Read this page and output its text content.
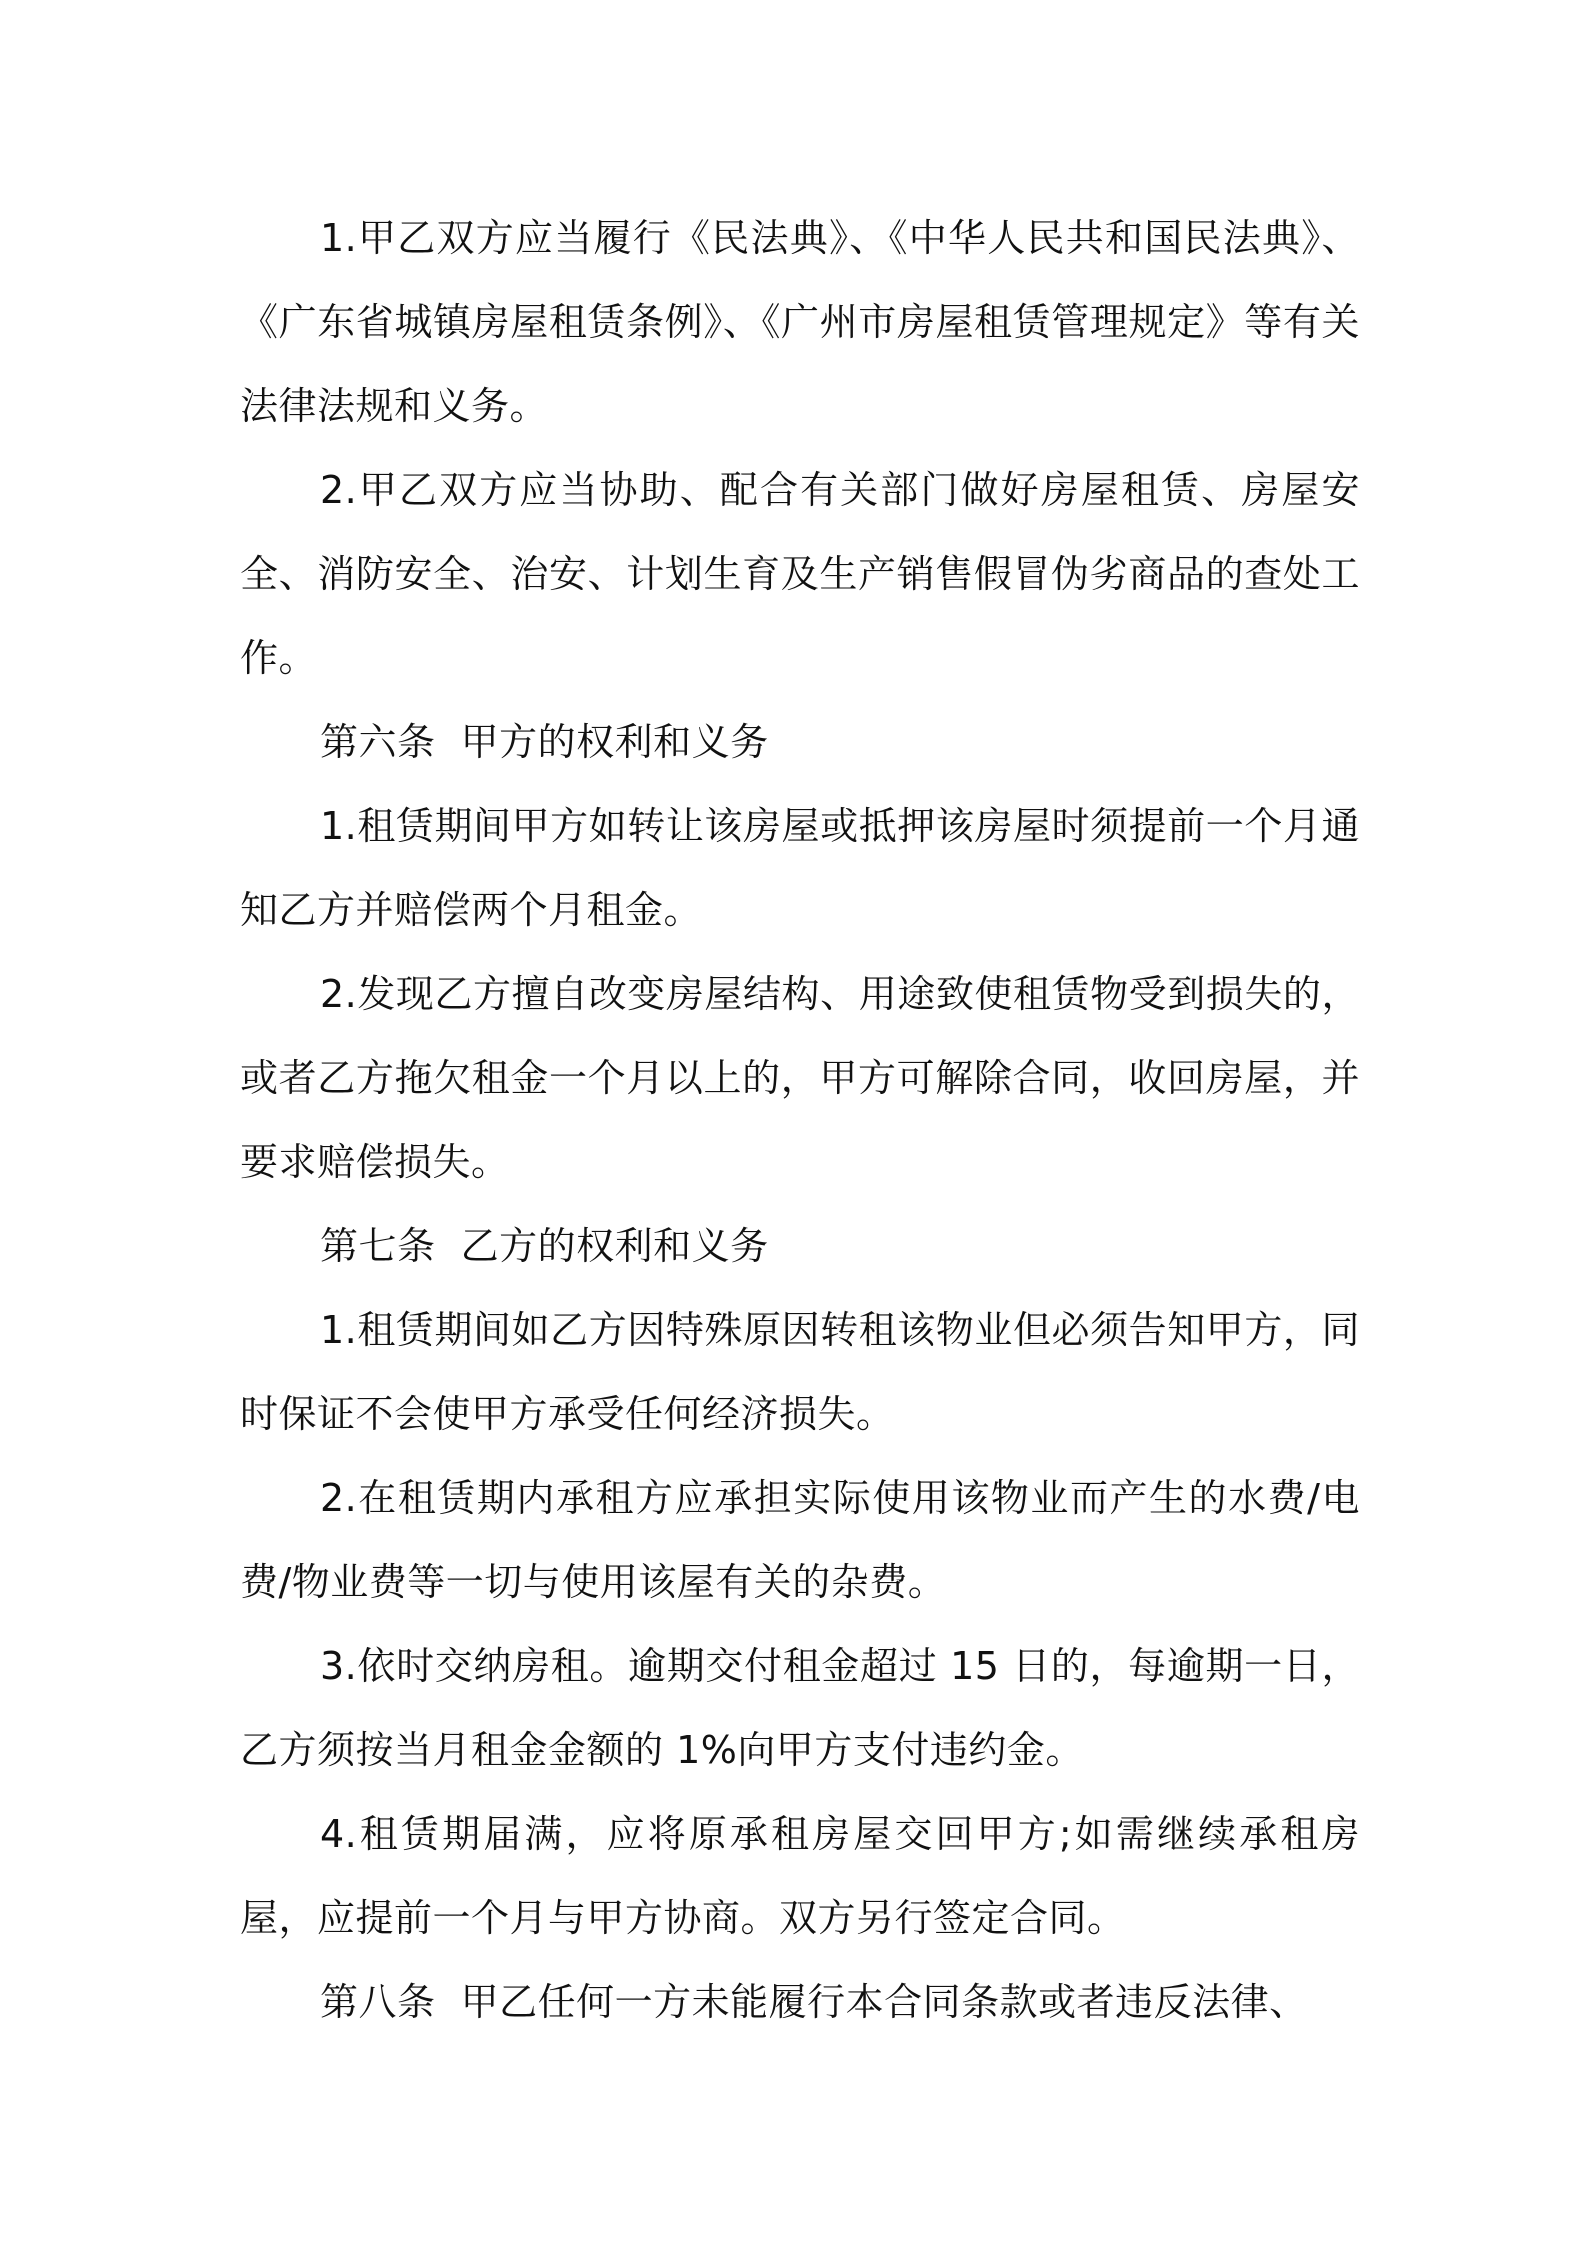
1.甲乙双方应当履行《民法典》、《中华人民共和国民法典》、《广东省城镇房屋租赁条例》、《广州市房屋租赁管理规定》等有关法律法规和义务。

2.甲乙双方应当协助、配合有关部门做好房屋租赁、房屋安全、消防安全、治安、计划生育及生产销售假冒伪劣商品的查处工作。

第六条  甲方的权利和义务

1.租赁期间甲方如转让该房屋或抵押该房屋时须提前一个月通知乙方并赔偿两个月租金。

2.发现乙方擅自改变房屋结构、用途致使租赁物受到损失的，或者乙方拖欠租金一个月以上的，甲方可解除合同，收回房屋，并要求赔偿损失。

第七条  乙方的权利和义务

1.租赁期间如乙方因特殊原因转租该物业但必须告知甲方，同时保证不会使甲方承受任何经济损失。

2.在租赁期内承租方应承担实际使用该物业而产生的水费/电费/物业费等一切与使用该屋有关的杂费。

3.依时交纳房租。逾期交付租金超过 15 日的，每逾期一日，乙方须按当月租金金额的 1%向甲方支付违约金。

4.租赁期届满，应将原承租房屋交回甲方;如需继续承租房屋，应提前一个月与甲方协商。双方另行签定合同。

第八条  甲乙任何一方未能履行本合同条款或者违反法律、
